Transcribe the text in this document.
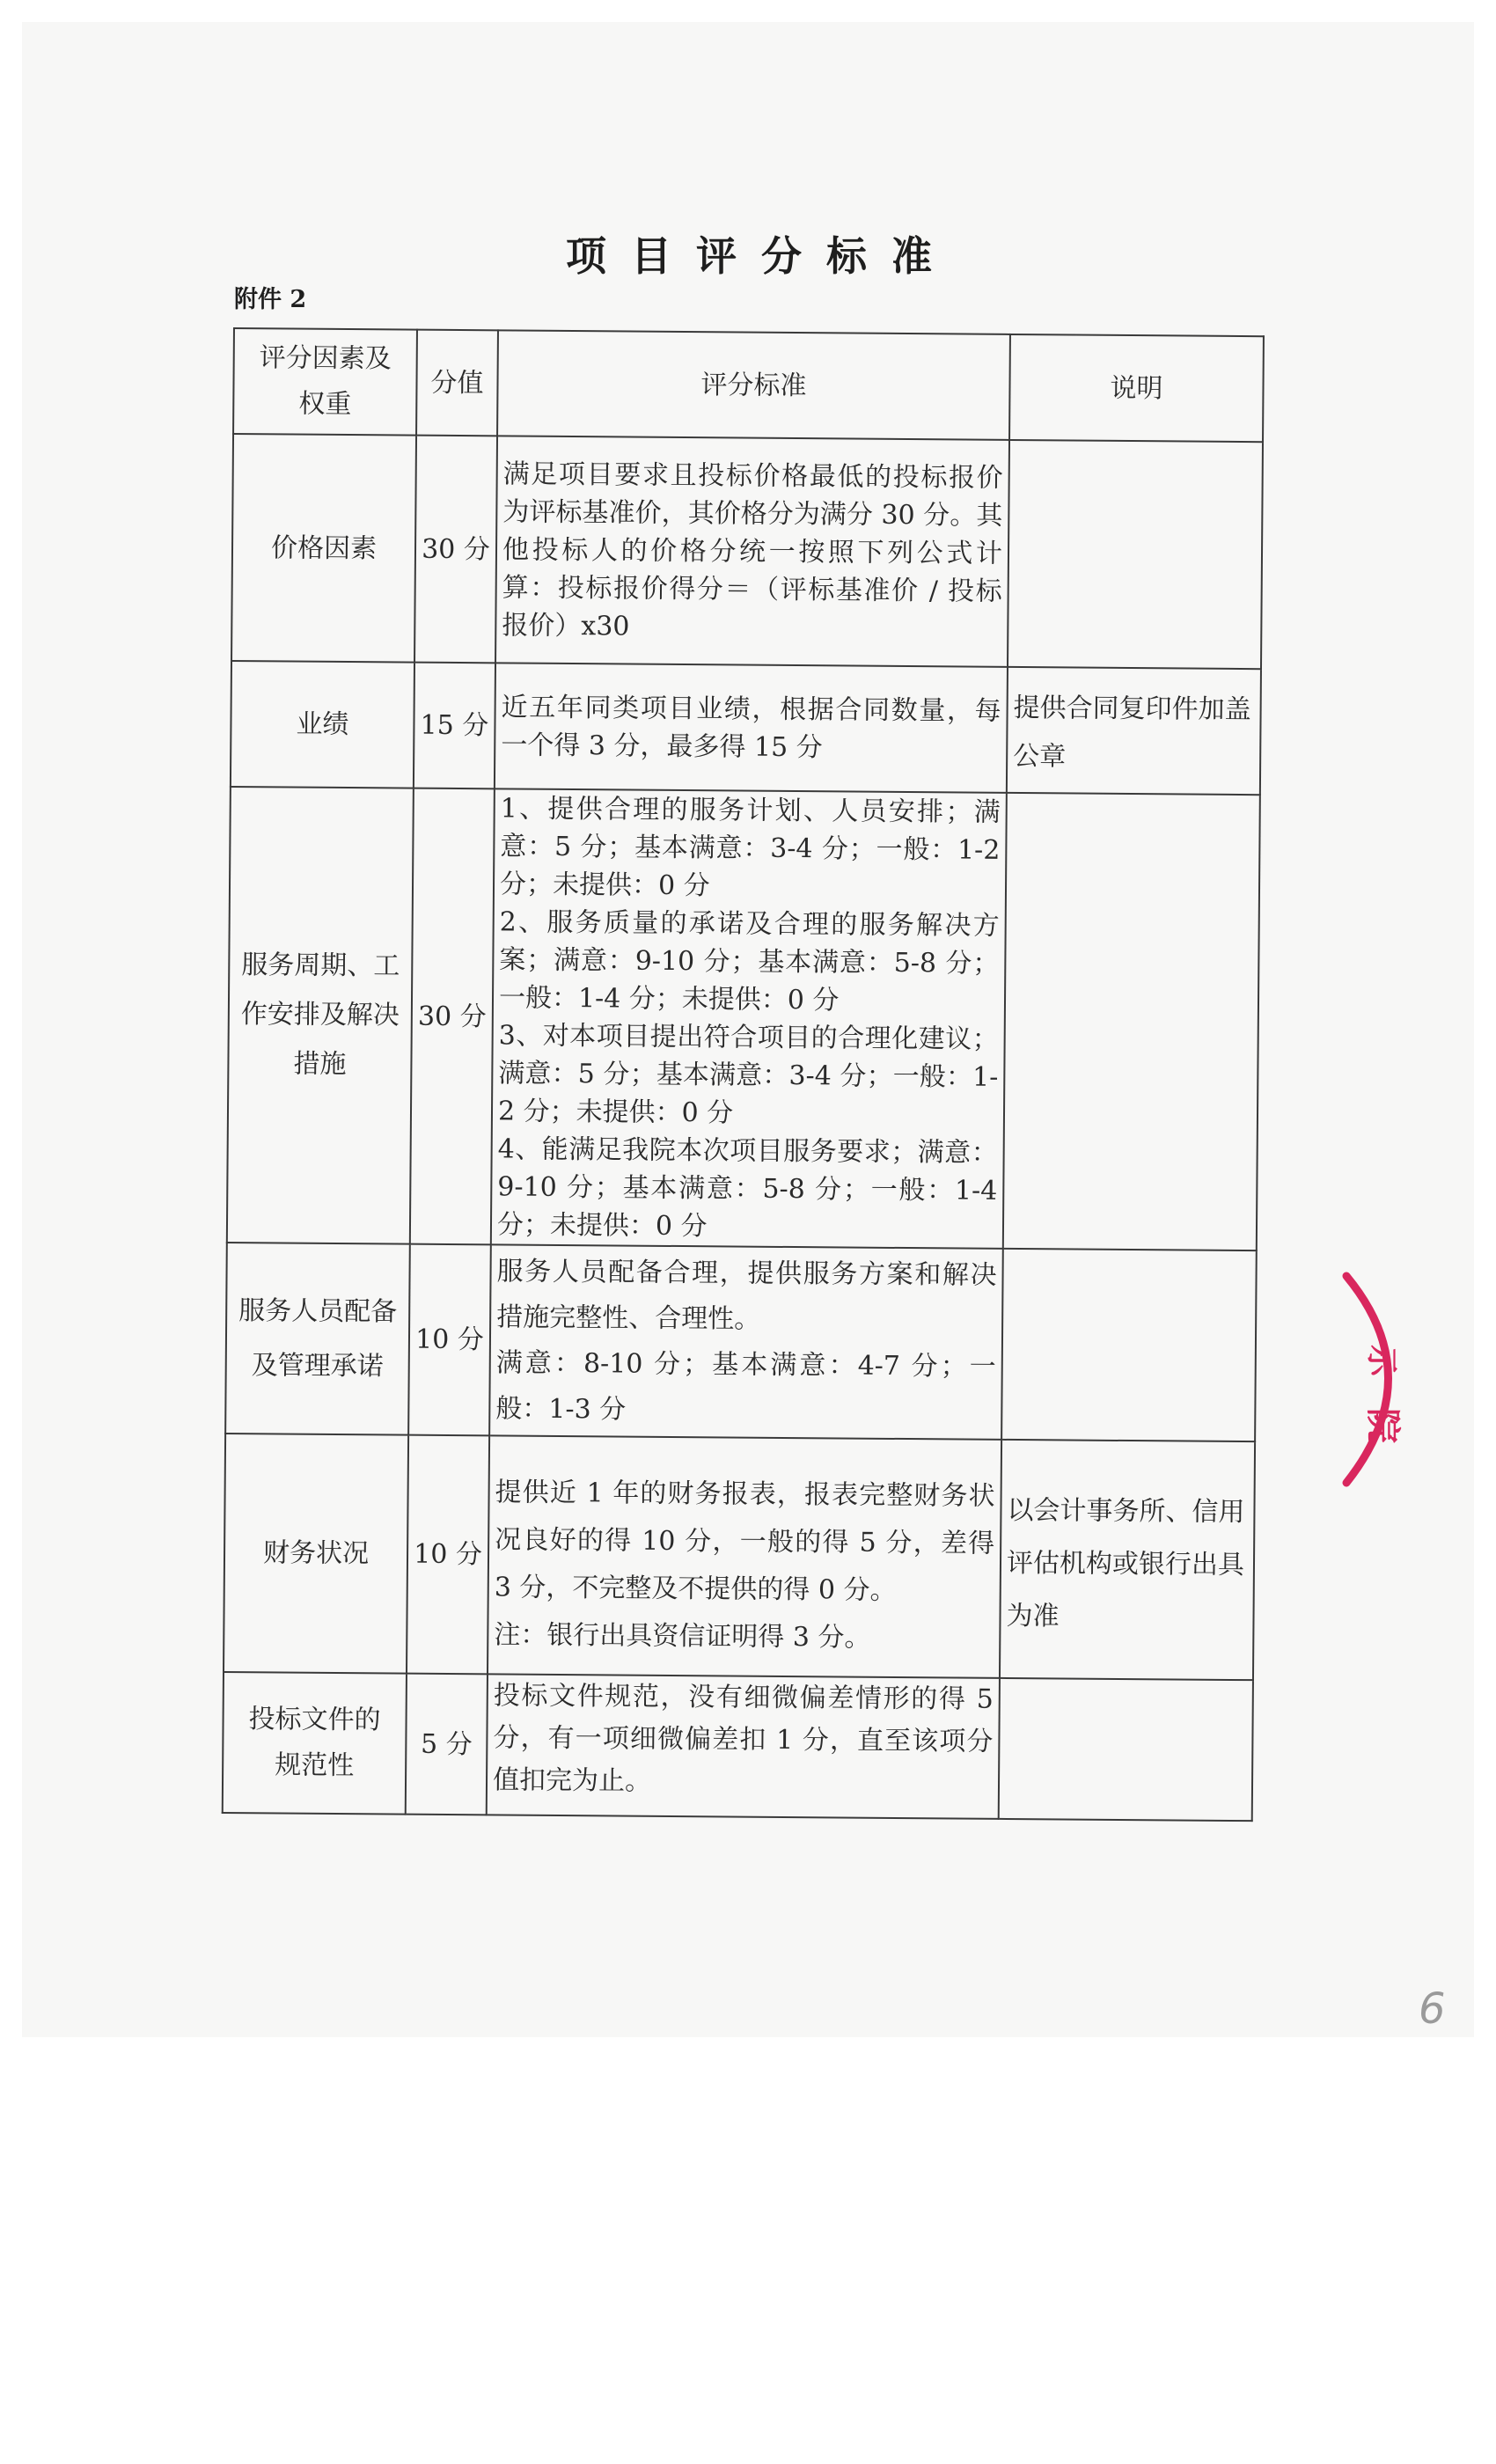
项目评分标准
附件 2
评分因素及权重	分值	评分标准	说明
价格因素	30 分	满足项目要求且投标价格最低的投标报价为评标基准价，其价格分为满分 30 分。其他投标人的价格分统一按照下列公式计算：投标报价得分＝（评标基准价 / 投标报价）x30	

业绩	15 分	近五年同类项目业绩，根据合同数量，每一个得 3 分，最多得 15 分	提供合同复印件加盖公章
服务周期、工作安排及解决措施	30 分	1、提供合理的服务计划、人员安排；满意：5 分；基本满意：3-4 分；一般：1-2 分；未提供：0 分

2、服务质量的承诺及合理的服务解决方案；满意：9-10 分；基本满意：5-8 分；一般：1-4 分；未提供：0 分

3、对本项目提出符合项目的合理化建议；满意：5 分；基本满意：3-4 分；一般：1-2 分；未提供：0 分

4、能满足我院本次项目服务要求；满意：9-10 分；基本满意：5-8 分；一般：1-4 分；未提供：0 分	

服务人员配备及管理承诺	10 分	服务人员配备合理，提供服务方案和解决措施完整性、合理性。

满意：8-10 分；基本满意：4-7 分；一般：1-3 分	

财务状况	10 分	提供近 1 年的财务报表，报表完整财务状况良好的得 10 分，一般的得 5 分，差得 3 分，不完整及不提供的得 0 分。

注：银行出具资信证明得 3 分。	以会计事务所、信用评估机构或银行出具为准
投标文件的规范性	5 分	投标文件规范，没有细微偏差情形的得 5 分，有一项细微偏差扣 1 分，直至该项分值扣完为止。	

示
院
6
